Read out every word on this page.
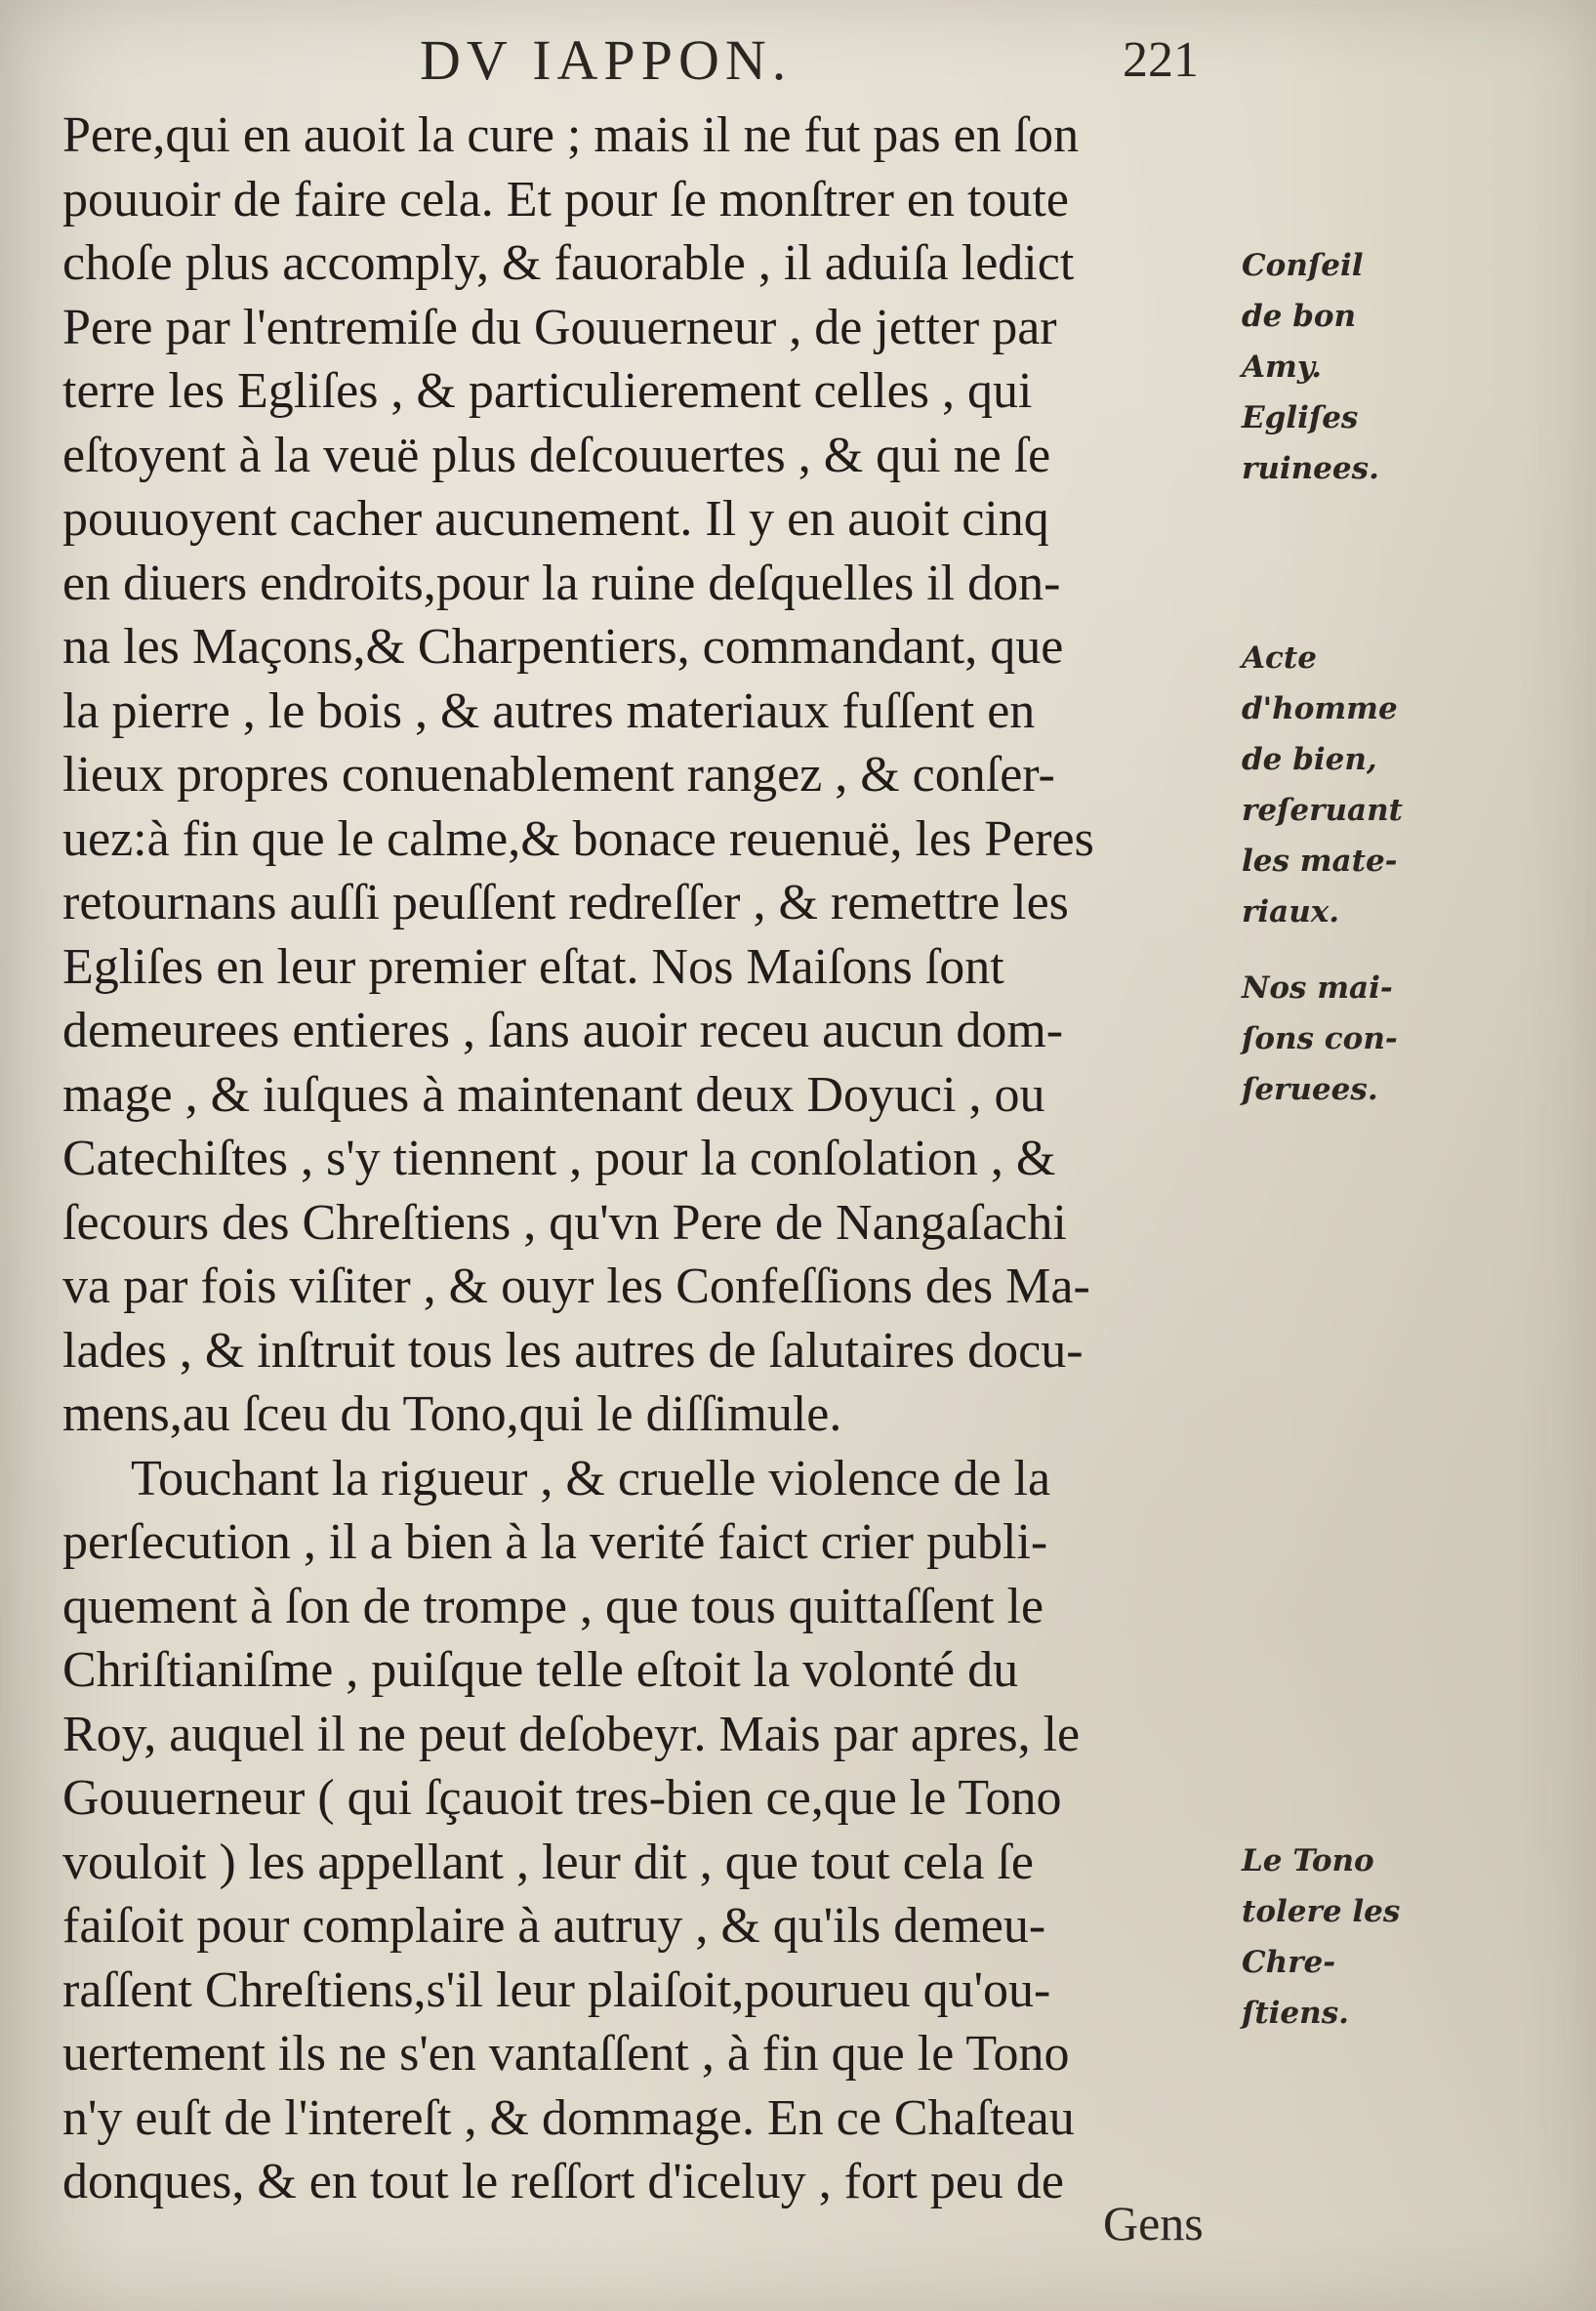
DV IAPPON.	221
Pere,qui en auoit la cure ; mais il ne fut pas en ſon
pouuoir de faire cela. Et pour ſe monſtrer en toute
choſe plus accomply, & fauorable , il aduiſa ledict
Pere par l'entremiſe du Gouuerneur , de jetter par
terre les Egliſes , & particulierement celles , qui
eſtoyent à la veuë plus deſcouuertes , & qui ne ſe
pouuoyent cacher aucunement. Il y en auoit cinq
en diuers endroits,pour la ruine deſquelles il don-
na les Maçons,& Charpentiers, commandant, que
la pierre , le bois , & autres materiaux fuſſent en
lieux propres conuenablement rangez , & conſer-
uez:à fin que le calme,& bonace reuenuë, les Peres
retournans auſſi peuſſent redreſſer , & remettre les
Egliſes en leur premier eſtat. Nos Maiſons ſont
demeurees entieres , ſans auoir receu aucun dom-
mage , & iuſques à maintenant deux Doyuci , ou
Catechiſtes , s'y tiennent , pour la conſolation , &
ſecours des Chreſtiens , qu'vn Pere de Nangaſachi
va par fois viſiter , & ouyr les Confeſſions des Ma-
lades , & inſtruit tous les autres de ſalutaires docu-
mens,au ſceu du Tono,qui le diſſimule.
Touchant la rigueur , & cruelle violence de la
perſecution , il a bien à la verité faict crier publi-
quement à ſon de trompe , que tous quittaſſent le
Chriſtianiſme , puiſque telle eſtoit la volonté du
Roy, auquel il ne peut deſobeyr. Mais par apres, le
Gouuerneur ( qui ſçauoit tres-bien ce,que le Tono
vouloit ) les appellant , leur dit , que tout cela ſe
faiſoit pour complaire à autruy , & qu'ils demeu-
raſſent Chreſtiens,s'il leur plaiſoit,pourueu qu'ou-
uertement ils ne s'en vantaſſent , à fin que le Tono
n'y euſt de l'intereſt , & dommage. En ce Chaſteau
donques, & en tout le reſſort d'iceluy , fort peu de
Gens
Conſeil
de bon
Amy.
Egliſes
ruinees.
Acte
d'homme
de bien,
reſeruant
les mate-
riaux.
Nos mai-
ſons con-
ſeruees.
Le Tono
tolere les
Chre-
ſtiens.
